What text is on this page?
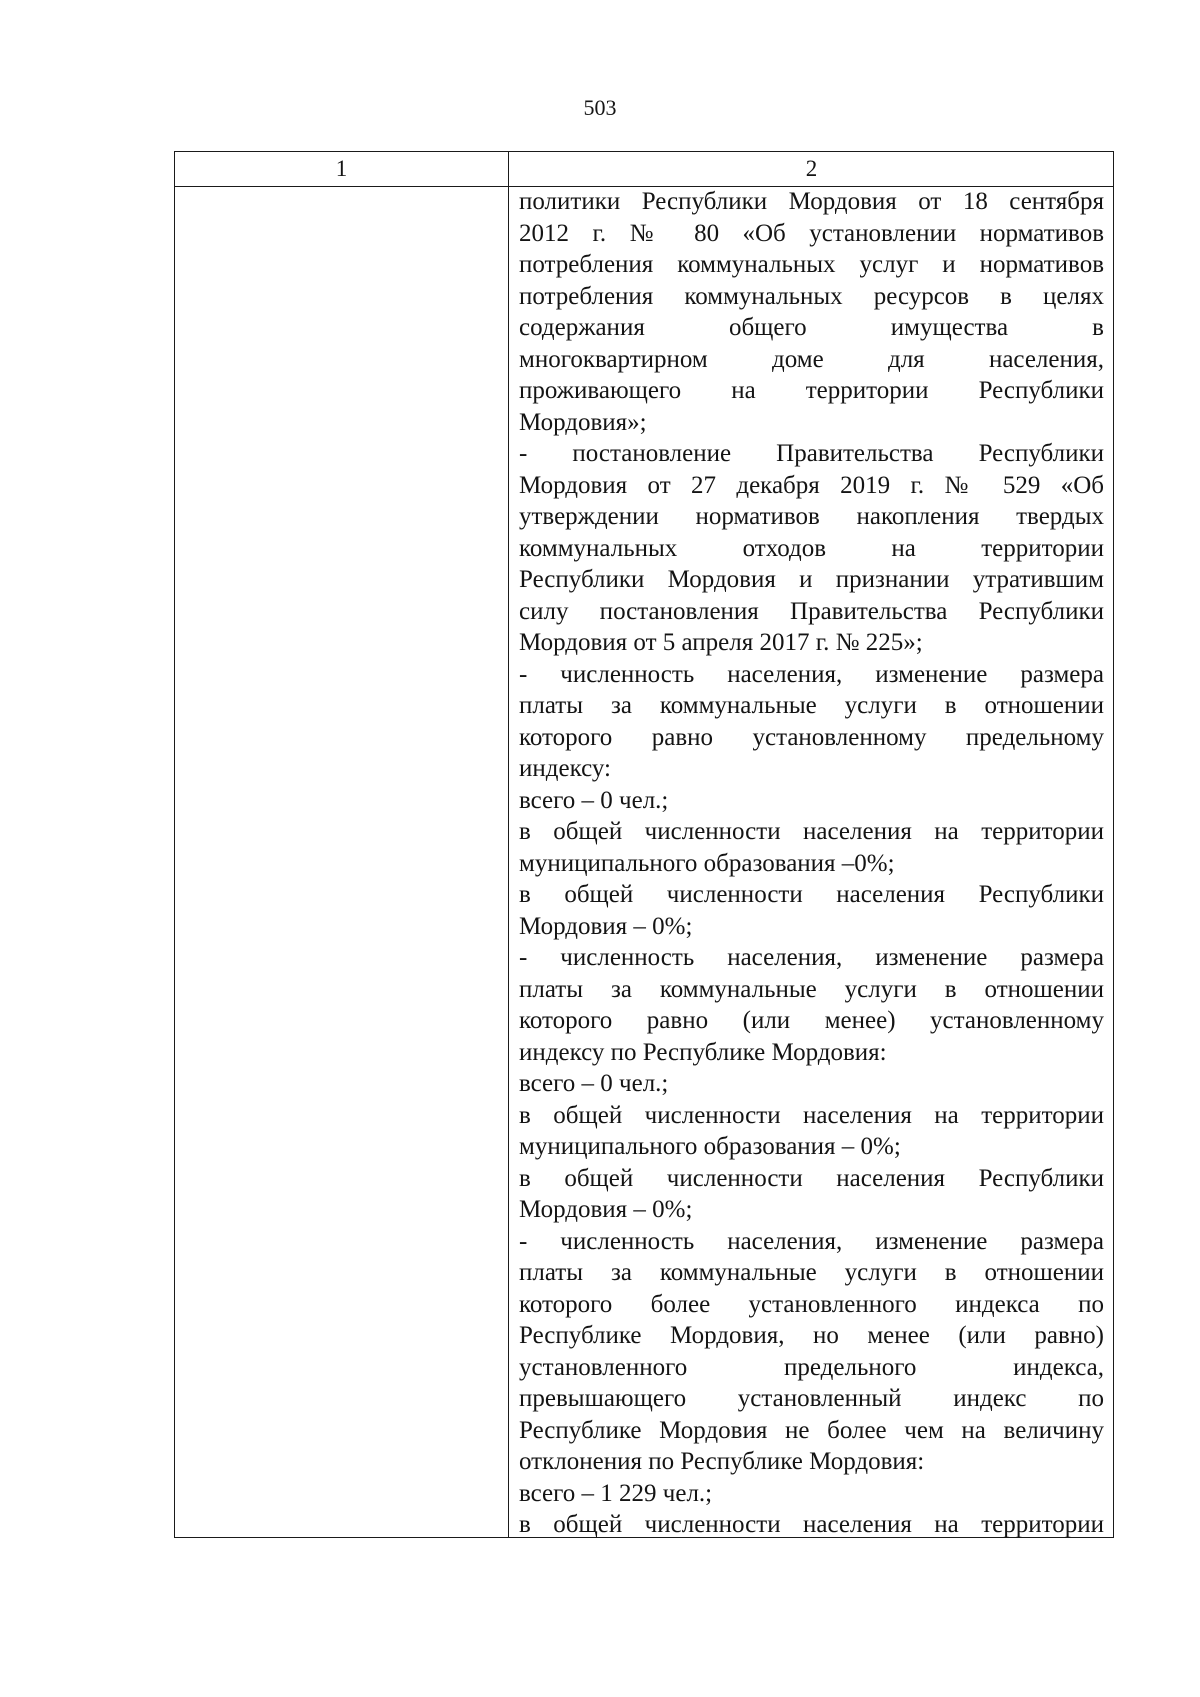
503
1	2
политики Республики Мордовия от 18 сентября
2012 г. № 80 «Об установлении нормативов
потребления коммунальных услуг и нормативов
потребления коммунальных ресурсов в целях
содержания общего имущества в
многоквартирном доме для населения,
проживающего на территории Республики
Мордовия»;
- постановление Правительства Республики
Мордовия от 27 декабря 2019 г. № 529 «Об
утверждении нормативов накопления твердых
коммунальных отходов на территории
Республики Мордовия и признании утратившим
силу постановления Правительства Республики
Мордовия от 5 апреля 2017 г. № 225»;
- численность населения, изменение размера
платы за коммунальные услуги в отношении
которого равно установленному предельному
индексу:
всего – 0 чел.;
в общей численности населения на территории
муниципального образования –0%;
в общей численности населения Республики
Мордовия – 0%;
- численность населения, изменение размера
платы за коммунальные услуги в отношении
которого равно (или менее) установленному
индексу по Республике Мордовия:
всего – 0 чел.;
в общей численности населения на территории
муниципального образования – 0%;
в общей численности населения Республики
Мордовия – 0%;
- численность населения, изменение размера
платы за коммунальные услуги в отношении
которого более установленного индекса по
Республике Мордовия, но менее (или равно)
установленного предельного индекса,
превышающего установленный индекс по
Республике Мордовия не более чем на величину
отклонения по Республике Мордовия:
всего – 1 229 чел.;
в общей численности населения на территории
